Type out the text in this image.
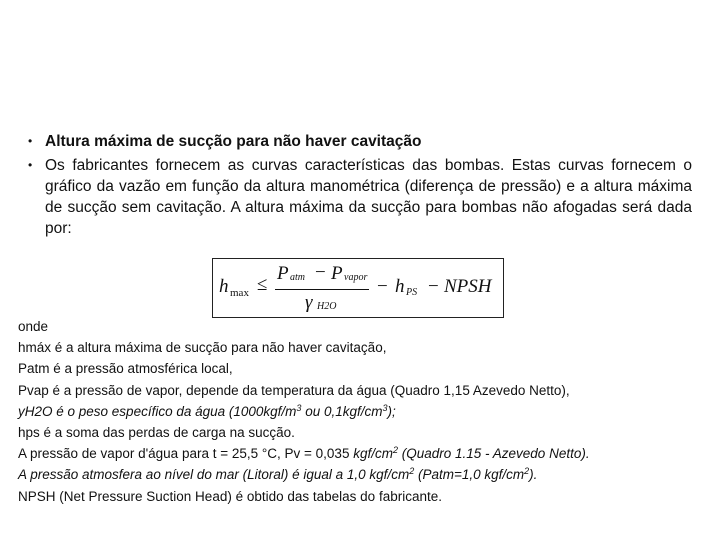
• Altura máxima de sucção para não haver cavitação
• Os fabricantes fornecem as curvas características das bombas. Estas curvas fornecem o gráfico da vazão em função da altura manométrica (diferença de pressão) e a altura máxima de sucção sem cavitação. A altura máxima da sucção para bombas não afogadas será dada por:
h max ≤
P atm − P vapor
γ H2O
− h PS − NPSH
onde
hmáx é a altura máxima de sucção para não haver cavitação,
Patm é a pressão atmosférica local,
Pvap é a pressão de vapor, depende da temperatura da água (Quadro 1,15 Azevedo Netto),
yH2O é o peso específico da água ($1000kgf/m^3$ ou $0,1kgf/cm^3$);
hps é a soma das perdas de carga na sucção.
A pressão de vapor d'água para t = 25,5 °C, Pv = 0,035 kgf/$cm^2$ (Quadro 1.15 - Azevedo Netto).
A pressão atmosfera ao nível do mar (Litoral) é igual a 1,0 kgf/$cm^2$ (Patm=1,0 kgf/$cm^2$).
NPSH (Net Pressure Suction Head) é obtido das tabelas do fabricante.
